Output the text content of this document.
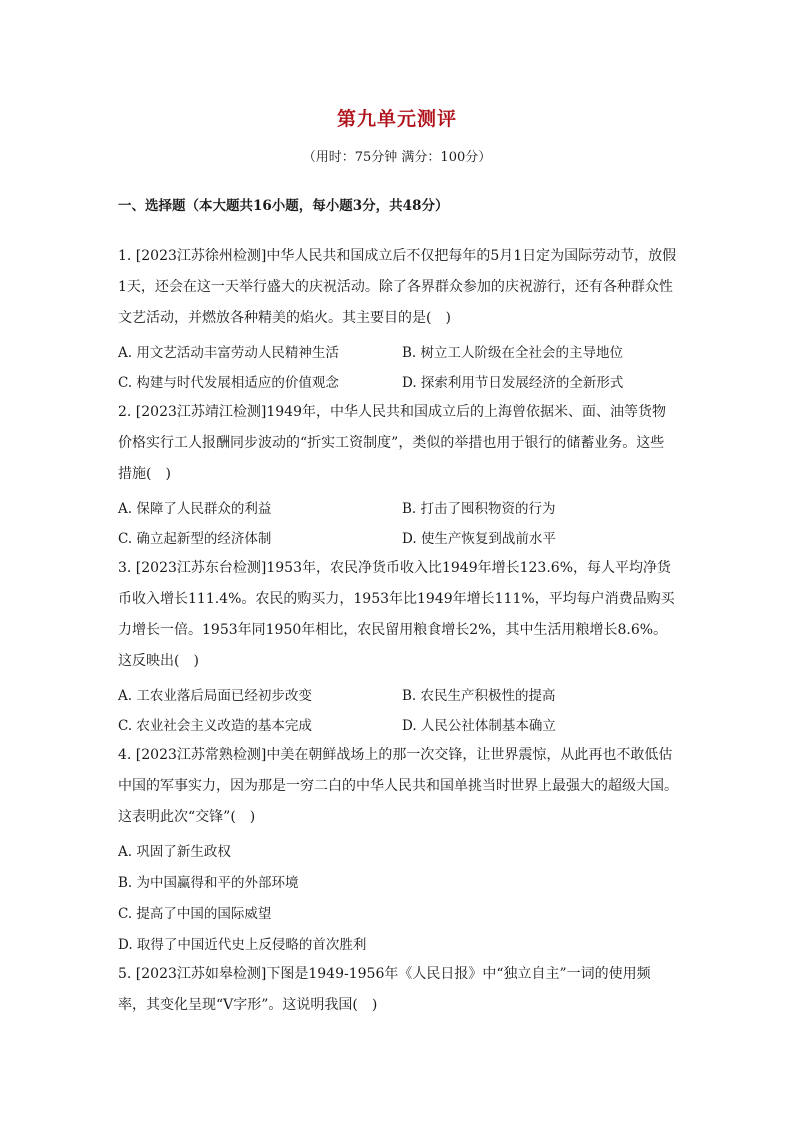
第九单元测评
（用时：75分钟 满分：100分）
一、选择题（本大题共16小题，每小题3分，共48分）
1. [2023江苏徐州检测]中华人民共和国成立后不仅把每年的5月1日定为国际劳动节，放假1天，还会在这一天举行盛大的庆祝活动。除了各界群众参加的庆祝游行，还有各种群众性文艺活动，并燃放各种精美的焰火。其主要目的是(　)
A. 用文艺活动丰富劳动人民精神生活	B. 树立工人阶级在全社会的主导地位
C. 构建与时代发展相适应的价值观念	D. 探索利用节日发展经济的全新形式
2. [2023江苏靖江检测]1949年，中华人民共和国成立后的上海曾依据米、面、油等货物价格实行工人报酬同步波动的“折实工资制度”，类似的举措也用于银行的储蓄业务。这些措施(　)
A. 保障了人民群众的利益	B. 打击了囤积物资的行为
C. 确立起新型的经济体制	D. 使生产恢复到战前水平
3. [2023江苏东台检测]1953年，农民净货币收入比1949年增长123.6%，每人平均净货币收入增长111.4%。农民的购买力，1953年比1949年增长111%，平均每户消费品购买力增长一倍。1953年同1950年相比，农民留用粮食增长2%，其中生活用粮增长8.6%。这反映出(　)
A. 工农业落后局面已经初步改变	B. 农民生产积极性的提高
C. 农业社会主义改造的基本完成	D. 人民公社体制基本确立
4. [2023江苏常熟检测]中美在朝鲜战场上的那一次交锋，让世界震惊，从此再也不敢低估中国的军事实力，因为那是一穷二白的中华人民共和国单挑当时世界上最强大的超级大国。这表明此次“交锋”(　)
A. 巩固了新生政权
B. 为中国赢得和平的外部环境
C. 提高了中国的国际威望
D. 取得了中国近代史上反侵略的首次胜利
5. [2023江苏如皋检测]下图是1949-1956年《人民日报》中“独立自主”一词的使用频率，其变化呈现“V字形”。这说明我国(　)
